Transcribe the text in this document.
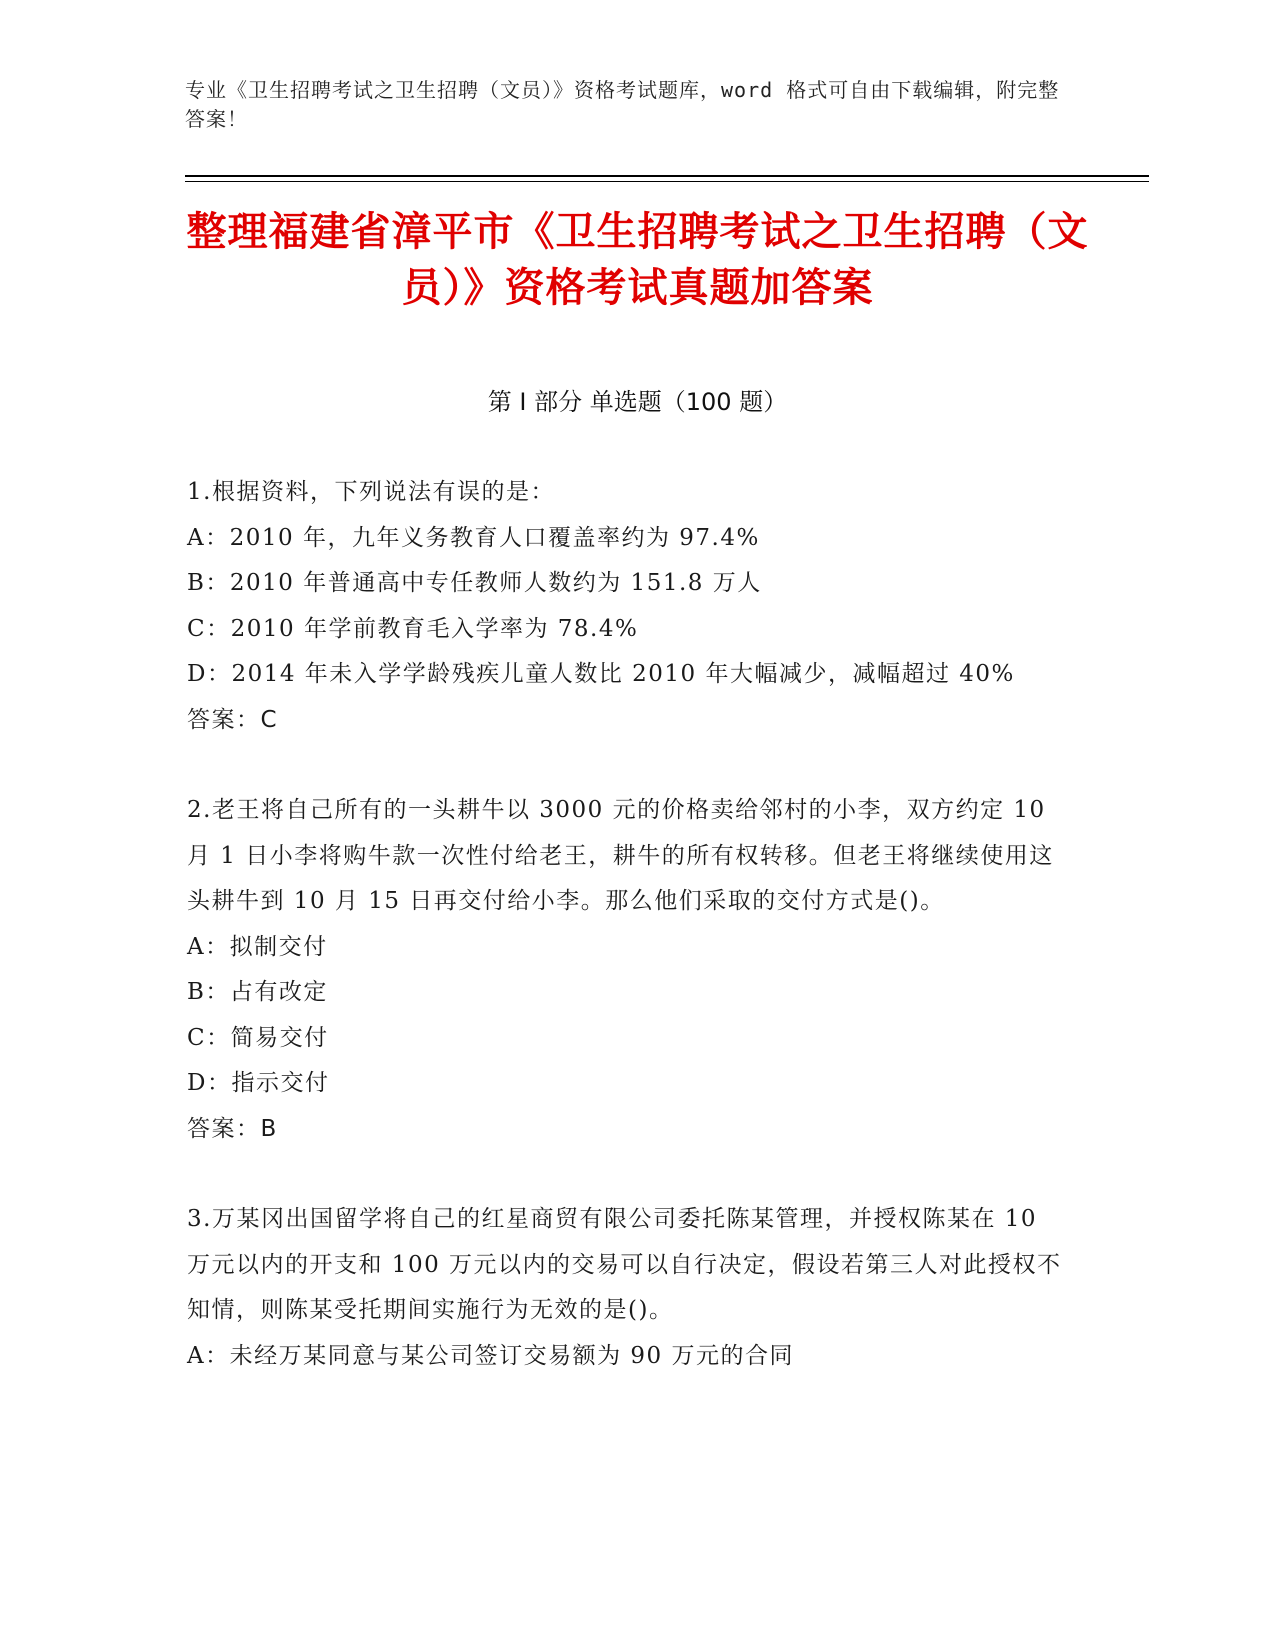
专业《卫生招聘考试之卫生招聘（文员）》资格考试题库，word 格式可自由下载编辑，附完整答案！
整理福建省漳平市《卫生招聘考试之卫生招聘（文员）》资格考试真题加答案
第 I 部分 单选题（100 题）
1.根据资料，下列说法有误的是：
A：2010 年，九年义务教育人口覆盖率约为 97.4%
B：2010 年普通高中专任教师人数约为 151.8 万人
C：2010 年学前教育毛入学率为 78.4%
D：2014 年未入学学龄残疾儿童人数比 2010 年大幅减少，减幅超过 40%
答案：C
2.老王将自己所有的一头耕牛以 3000 元的价格卖给邻村的小李，双方约定 10 月 1 日小李将购牛款一次性付给老王，耕牛的所有权转移。但老王将继续使用这头耕牛到 10 月 15 日再交付给小李。那么他们采取的交付方式是()。
A：拟制交付
B：占有改定
C：简易交付
D：指示交付
答案：B
3.万某冈出国留学将自己的红星商贸有限公司委托陈某管理，并授权陈某在 10 万元以内的开支和 100 万元以内的交易可以自行决定，假设若第三人对此授权不知情，则陈某受托期间实施行为无效的是()。
A：未经万某同意与某公司签订交易额为 90 万元的合同
